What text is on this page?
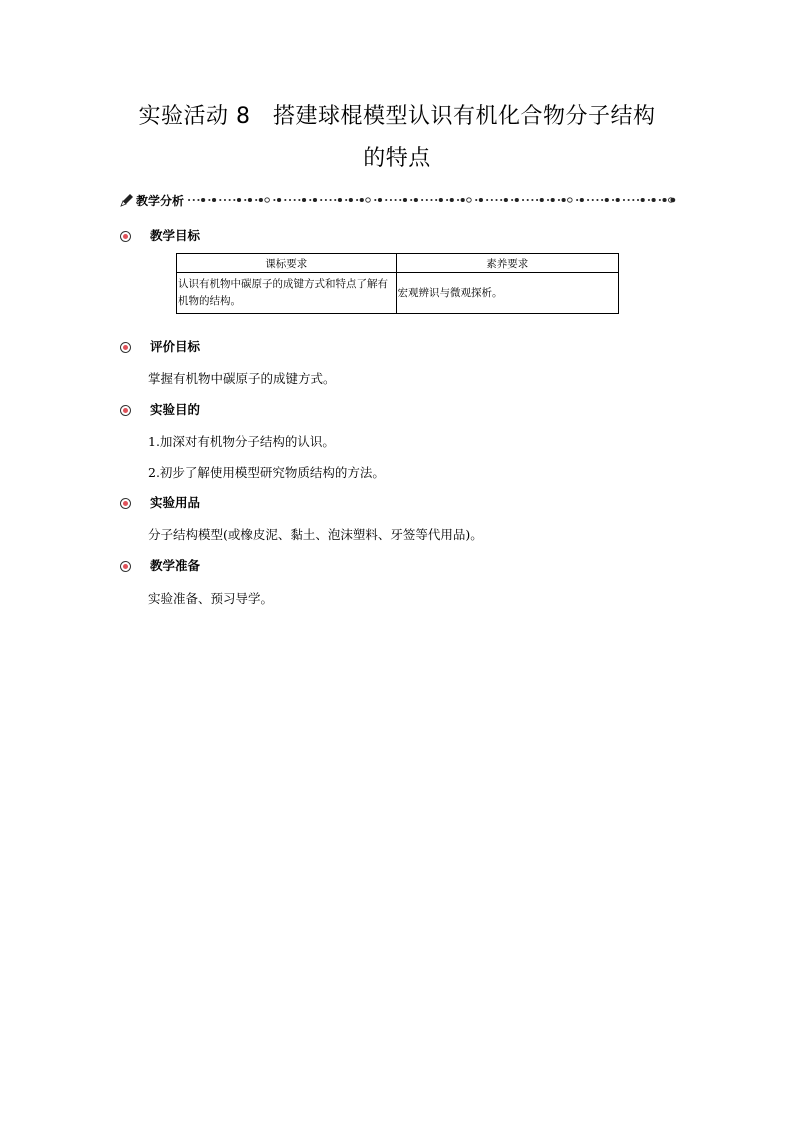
实验活动 8　搭建球棍模型认识有机化合物分子结构
的特点
教学分析
教学目标
课标要求	素养要求
认识有机物中碳原子的成键方式和特点了解有机物的结构。	宏观辨识与微观探析。
评价目标
掌握有机物中碳原子的成键方式。
实验目的
1.加深对有机物分子结构的认识。
2.初步了解使用模型研究物质结构的方法。
实验用品
分子结构模型(或橡皮泥、黏土、泡沫塑料、牙签等代用品)。
教学准备
实验准备、预习导学。
